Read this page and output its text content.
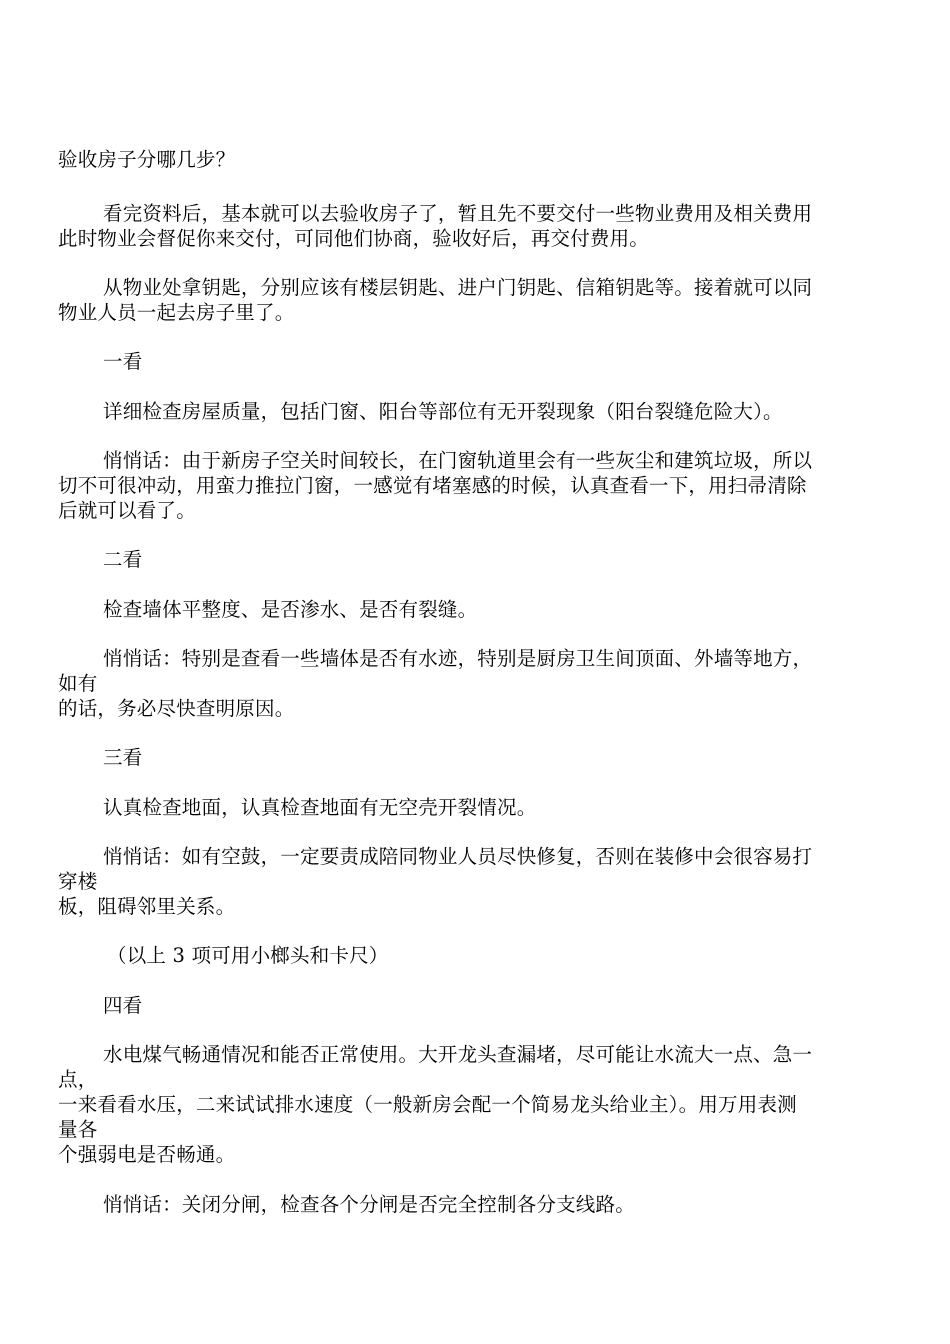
验收房子分哪几步？
看完资料后，基本就可以去验收房子了，暂且先不要交付一些物业费用及相关费用
此时物业会督促你来交付，可同他们协商，验收好后，再交付费用。
从物业处拿钥匙，分别应该有楼层钥匙、进户门钥匙、信箱钥匙等。接着就可以同
物业人员一起去房子里了。
一看
详细检查房屋质量，包括门窗、阳台等部位有无开裂现象（阳台裂缝危险大）。
悄悄话：由于新房子空关时间较长，在门窗轨道里会有一些灰尘和建筑垃圾，所以
切不可很冲动，用蛮力推拉门窗，一感觉有堵塞感的时候，认真查看一下，用扫帚清除
后就可以看了。
二看
检查墙体平整度、是否渗水、是否有裂缝。
悄悄话：特别是查看一些墙体是否有水迹，特别是厨房卫生间顶面、外墙等地方，
如有
的话，务必尽快查明原因。
三看
认真检查地面，认真检查地面有无空壳开裂情况。
悄悄话：如有空鼓，一定要责成陪同物业人员尽快修复，否则在装修中会很容易打
穿楼
板，阻碍邻里关系。
（以上 3 项可用小榔头和卡尺）
四看
水电煤气畅通情况和能否正常使用。大开龙头查漏堵，尽可能让水流大一点、急一
点，
一来看看水压，二来试试排水速度（一般新房会配一个简易龙头给业主）。用万用表测
量各
个强弱电是否畅通。
悄悄话：关闭分闸，检查各个分闸是否完全控制各分支线路。
